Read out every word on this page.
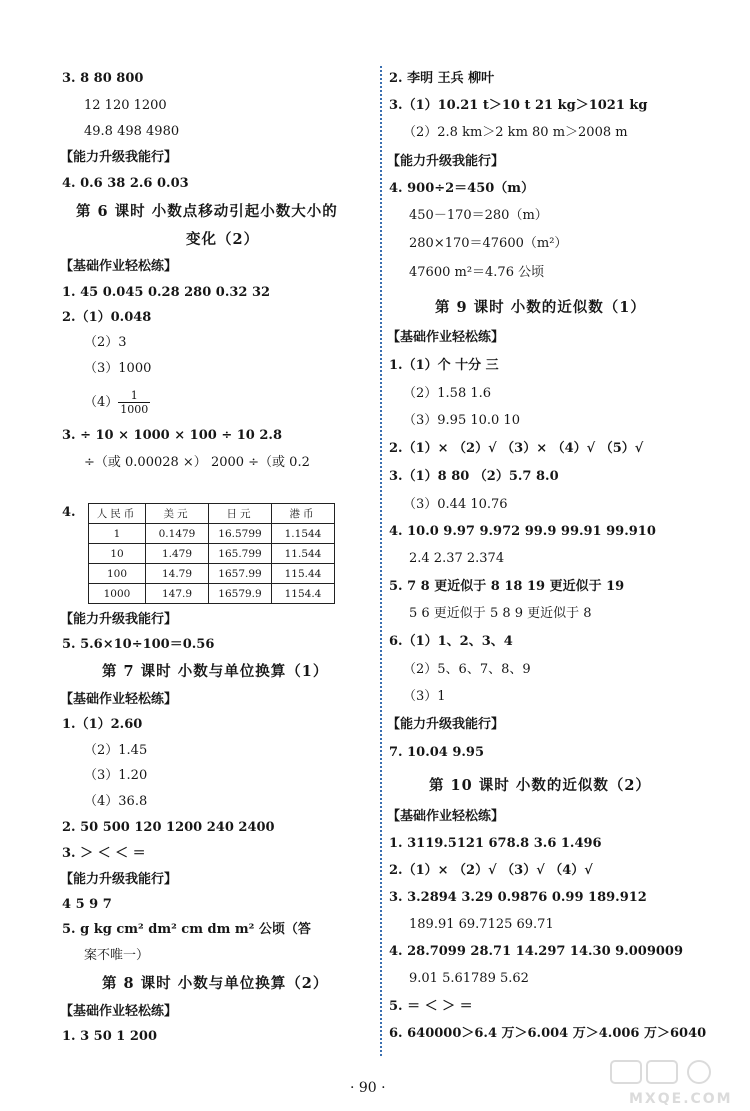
3. 8 80 800
12 120 1200
49.8 498 4980
【能力升级我能行】
4. 0.6 38 2.6 0.03
第 6 课时 小数点移动引起小数大小的
变化（2）
【基础作业轻松练】
1. 45 0.045 0.28 280 0.32 32
2.（1）0.048
（2）3
（3）1000
$(4) \frac{1}{1000}$
3. ÷ 10 × 1000 × 100 ÷ 10 2.8
÷（或 0.00028 ×） 2000 ÷（或 0.2
4. 人民币	美元	日元	港币
1	0.1479	16.5799	1.1544
10	1.479	165.799	11.544
100	14.79	1657.99	115.44
1000	147.9	16579.9	1154.4
【能力升级我能行】
5. 5.6×10÷100＝0.56
第 7 课时 小数与单位换算（1）
【基础作业轻松练】
1.（1）2.60
（2）1.45
（3）1.20
（4）36.8
2. 50 500 120 1200 240 2400
3. ＞ ＜ ＜ ＝
【能力升级我能行】
4 5 9 7
5. g kg cm² dm² cm dm m² 公顷（答
案不唯一）
第 8 课时 小数与单位换算（2）
【基础作业轻松练】
1. 3 50 1 200
2. 李明 王兵 柳叶
3.（1）10.21 t＞10 t 21 kg＞1021 kg
（2）2.8 km＞2 km 80 m＞2008 m
【能力升级我能行】
4. 900÷2＝450（m）
450－170＝280（m）
280×170＝47600（m²）
47600 m²＝4.76 公顷
第 9 课时 小数的近似数（1）
【基础作业轻松练】
1.（1）个 十分 三
（2）1.58 1.6
（3）9.95 10.0 10
2.（1）× （2）√ （3）× （4）√ （5）√
3.（1）8 80 （2）5.7 8.0
（3）0.44 10.76
4. 10.0 9.97 9.972 99.9 99.91 99.910
2.4 2.37 2.374
5. 7 8 更近似于 8 18 19 更近似于 19
5 6 更近似于 5 8 9 更近似于 8
6.（1）1、2、3、4
（2）5、6、7、8、9
（3）1
【能力升级我能行】
7. 10.04 9.95
第 10 课时 小数的近似数（2）
【基础作业轻松练】
1. 3119.5121 678.8 3.6 1.496
2.（1）× （2）√ （3）√ （4）√
3. 3.2894 3.29 0.9876 0.99 189.912
189.91 69.7125 69.71
4. 28.7099 28.71 14.297 14.30 9.009009
9.01 5.61789 5.62
5. ＝ ＜ ＞ ＝
6. 640000＞6.4 万＞6.004 万＞4.006 万＞6040
· 90 ·
MXQE.COM
